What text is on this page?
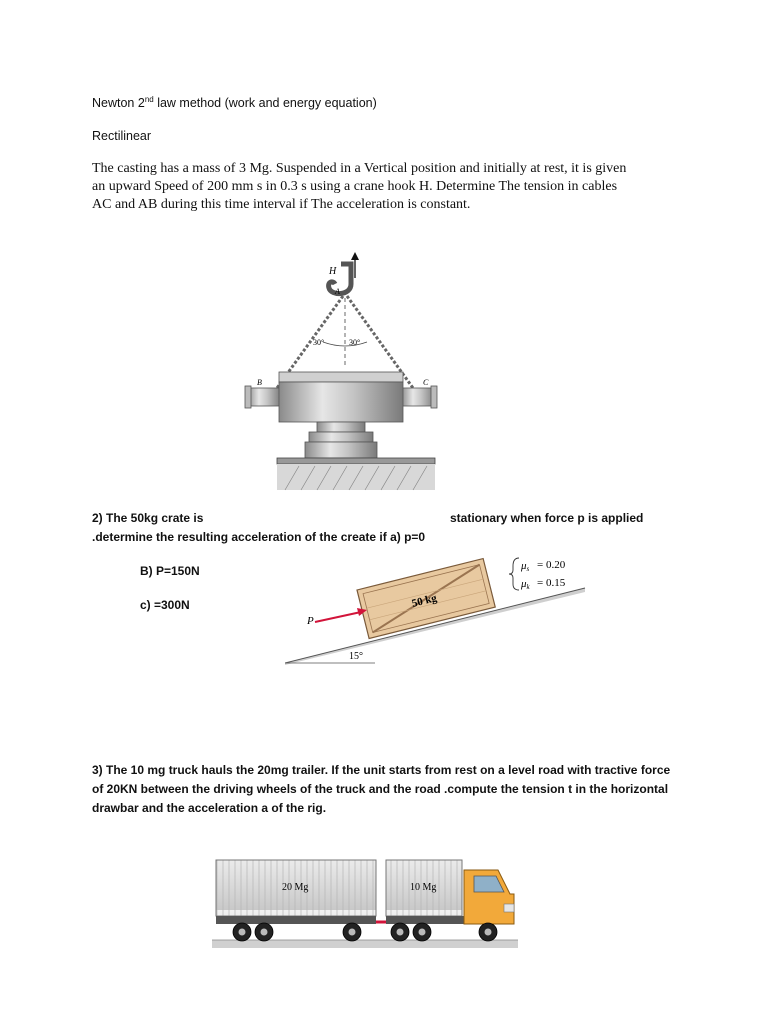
Newton 2nd law method (work and energy equation)
Rectilinear
The casting has a mass of 3 Mg. Suspended in a Vertical position and initially at rest, it is given
an upward Speed of 200 mm s in 0.3 s using a crane hook H. Determine The tension in cables
AC and AB during this time interval if The acceleration is constant.
30°	30°
H
A
B	C
2) The 50kg crate is	stationary when force p is applied
.determine the resulting acceleration of the create if a) p=0
B) P=150N
c) =300N
15°
50 kg
P
μs = 0.20
μk = 0.15
3) The 10 mg truck hauls the 20mg trailer. If the unit starts from rest on a level road with tractive force
of 20KN between the driving wheels of the truck and the road .compute the tension t in the horizontal
drawbar and the acceleration a of the rig.
20 Mg	10 Mg
